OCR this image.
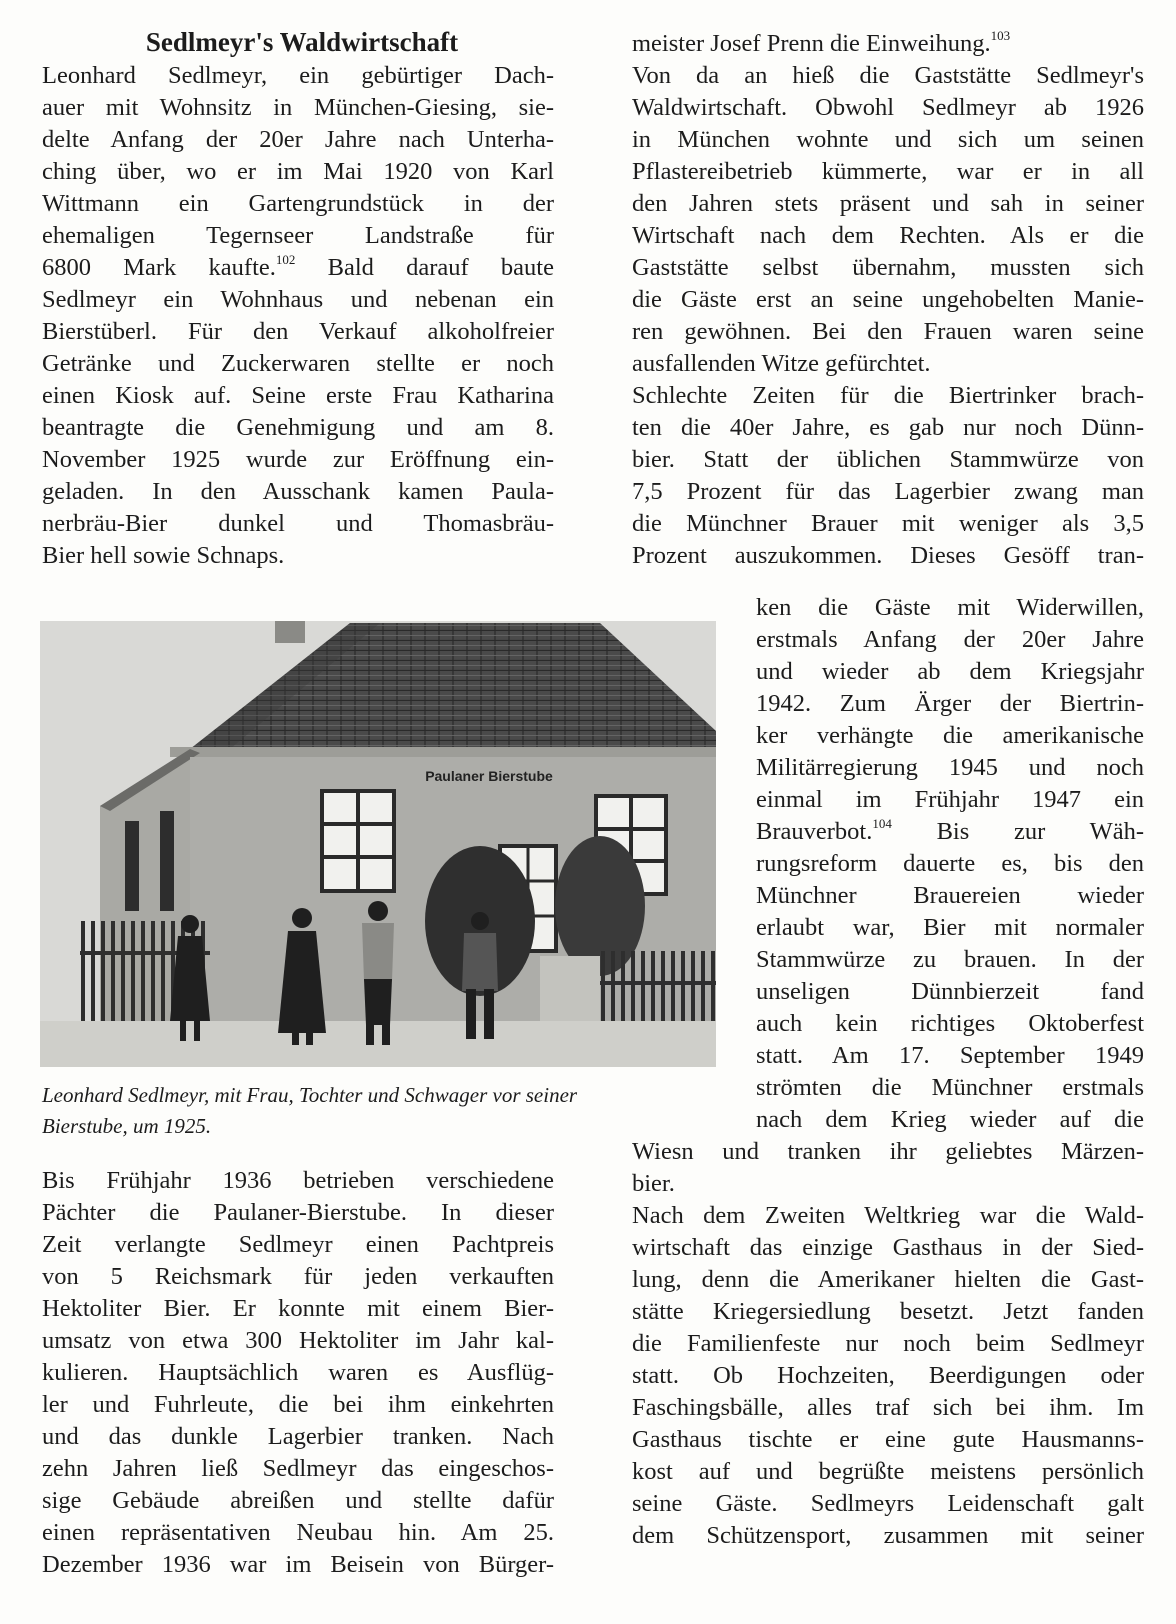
Sedlmeyr's Waldwirtschaft
Leonhard Sedlmeyr, ein gebürtiger Dach-
auer mit Wohnsitz in München-Giesing, sie-
delte Anfang der 20er Jahre nach Unterha-
ching über, wo er im Mai 1920 von Karl
Wittmann ein Gartengrundstück in der
ehemaligen Tegernseer Landstraße für
6800 Mark kaufte.$^{102}$ Bald darauf baute
Sedlmeyr ein Wohnhaus und nebenan ein
Bierstüberl. Für den Verkauf alkoholfreier
Getränke und Zuckerwaren stellte er noch
einen Kiosk auf. Seine erste Frau Katharina
beantragte die Genehmigung und am 8.
November 1925 wurde zur Eröffnung ein-
geladen. In den Ausschank kamen Paula-
nerbräu-Bier dunkel und Thomasbräu-
Bier hell sowie Schnaps.
Paulaner Bierstube
Leonhard Sedlmeyr, mit Frau, Tochter und Schwager vor seiner
Bierstube, um 1925.
Bis Frühjahr 1936 betrieben verschiedene
Pächter die Paulaner-Bierstube. In dieser
Zeit verlangte Sedlmeyr einen Pachtpreis
von 5 Reichsmark für jeden verkauften
Hektoliter Bier. Er konnte mit einem Bier-
umsatz von etwa 300 Hektoliter im Jahr kal-
kulieren. Hauptsächlich waren es Ausflüg-
ler und Fuhrleute, die bei ihm einkehrten
und das dunkle Lagerbier tranken. Nach
zehn Jahren ließ Sedlmeyr das eingeschos-
sige Gebäude abreißen und stellte dafür
einen repräsentativen Neubau hin. Am 25.
Dezember 1936 war im Beisein von Bürger-
meister Josef Prenn die Einweihung.$^{103}$
Von da an hieß die Gaststätte Sedlmeyr's
Waldwirtschaft. Obwohl Sedlmeyr ab 1926
in München wohnte und sich um seinen
Pflastereibetrieb kümmerte, war er in all
den Jahren stets präsent und sah in seiner
Wirtschaft nach dem Rechten. Als er die
Gaststätte selbst übernahm, mussten sich
die Gäste erst an seine ungehobelten Manie-
ren gewöhnen. Bei den Frauen waren seine
ausfallenden Witze gefürchtet.
Schlechte Zeiten für die Biertrinker brach-
ten die 40er Jahre, es gab nur noch Dünn-
bier. Statt der üblichen Stammwürze von
7,5 Prozent für das Lagerbier zwang man
die Münchner Brauer mit weniger als 3,5
Prozent auszukommen. Dieses Gesöff tran-
ken die Gäste mit Widerwillen,
erstmals Anfang der 20er Jahre
und wieder ab dem Kriegsjahr
1942. Zum Ärger der Biertrin-
ker verhängte die amerikanische
Militärregierung 1945 und noch
einmal im Frühjahr 1947 ein
Brauverbot.$^{104}$ Bis zur Wäh-
rungsreform dauerte es, bis den
Münchner Brauereien wieder
erlaubt war, Bier mit normaler
Stammwürze zu brauen. In der
unseligen Dünnbierzeit fand
auch kein richtiges Oktoberfest
statt. Am 17. September 1949
strömten die Münchner erstmals
nach dem Krieg wieder auf die
Wiesn und tranken ihr geliebtes Märzen-
bier.
Nach dem Zweiten Weltkrieg war die Wald-
wirtschaft das einzige Gasthaus in der Sied-
lung, denn die Amerikaner hielten die Gast-
stätte Kriegersiedlung besetzt. Jetzt fanden
die Familienfeste nur noch beim Sedlmeyr
statt. Ob Hochzeiten, Beerdigungen oder
Faschingsbälle, alles traf sich bei ihm. Im
Gasthaus tischte er eine gute Hausmanns-
kost auf und begrüßte meistens persönlich
seine Gäste. Sedlmeyrs Leidenschaft galt
dem Schützensport, zusammen mit seiner
